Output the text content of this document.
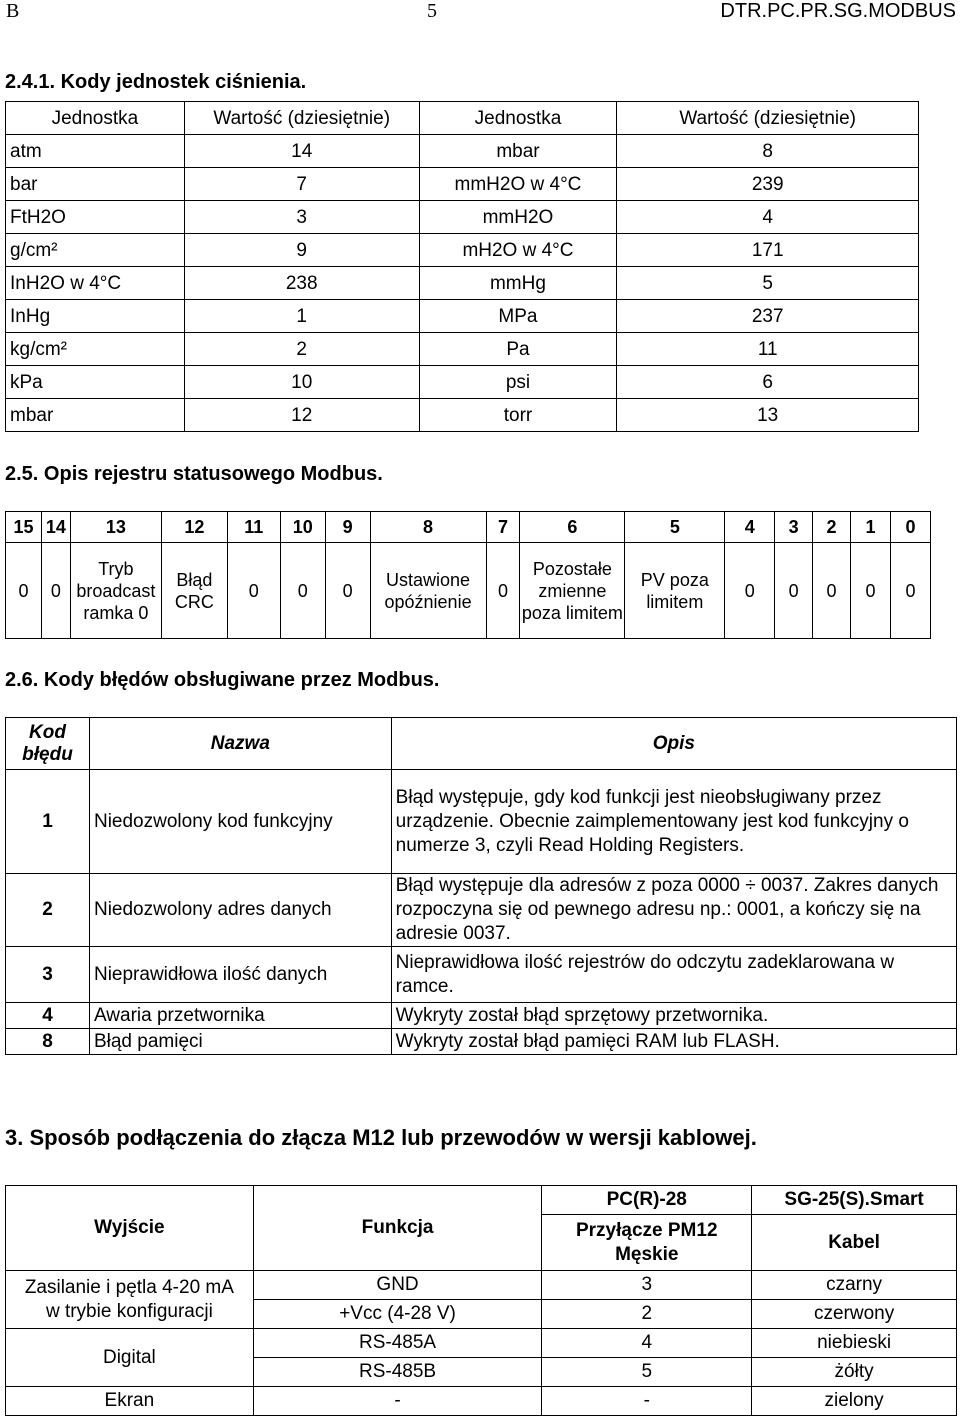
B	5	DTR.PC.PR.SG.MODBUS
2.4.1. Kody jednostek ciśnienia.
Jednostka	Wartość (dziesiętnie)	Jednostka	Wartość (dziesiętnie)
atm	14	mbar	8
bar	7	mmH2O w 4°C	239
FtH2O	3	mmH2O	4
g/cm²	9	mH2O w 4°C	171
InH2O w 4°C	238	mmHg	5
InHg	1	MPa	237
kg/cm²	2	Pa	11
kPa	10	psi	6
mbar	12	torr	13
2.5. Opis rejestru statusowego Modbus.
15	14	13	12	11	10	9	8	7	6	5	4	3	2	1	0
0	0	Tryb broadcast ramka 0	Błąd CRC	0	0	0	Ustawione opóźnienie	0	Pozostałe zmienne poza limitem	PV poza limitem	0	0	0	0	0
2.6. Kody błędów obsługiwane przez Modbus.
Kod błędu	Nazwa	Opis
1	Niedozwolony kod funkcyjny	Błąd występuje, gdy kod funkcji jest nieobsługiwany przez urządzenie. Obecnie zaimplementowany jest kod funkcyjny o numerze 3, czyli Read Holding Registers.
2	Niedozwolony adres danych	Błąd występuje dla adresów z poza 0000 ÷ 0037. Zakres danych rozpoczyna się od pewnego adresu np.: 0001, a kończy się na adresie 0037.
3	Nieprawidłowa ilość danych	Nieprawidłowa ilość rejestrów do odczytu zadeklarowana w ramce.
4	Awaria przetwornika	Wykryty został błąd sprzętowy przetwornika.
8	Błąd pamięci	Wykryty został błąd pamięci RAM lub FLASH.
3. Sposób podłączenia do złącza M12 lub przewodów w wersji kablowej.
Wyjście	Funkcja	PC(R)-28	SG-25(S).Smart
		Przyłącze PM12 Męskie	Kabel
Zasilanie i pętla 4-20 mA w trybie konfiguracji	GND	3	czarny
	+Vcc (4-28 V)	2	czerwony
Digital	RS-485A	4	niebieski
	RS-485B	5	żółty
Ekran	-	-	zielony
